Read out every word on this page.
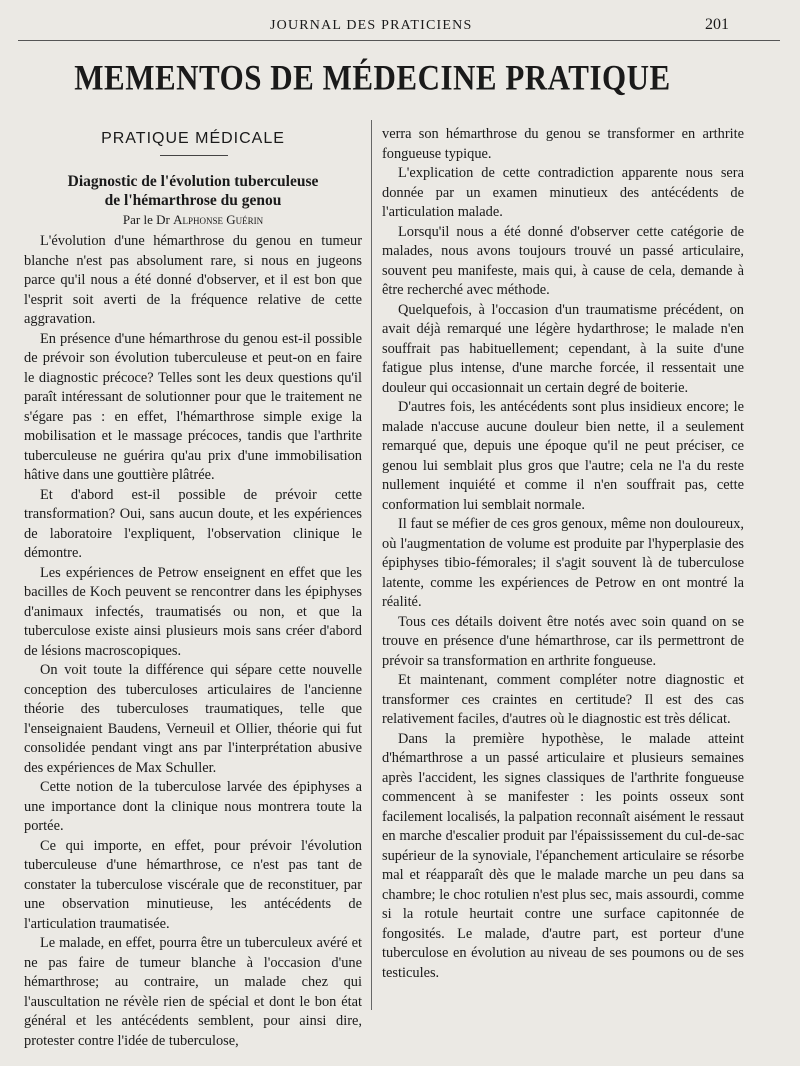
JOURNAL DES PRATICIENS	201
MEMENTOS DE MÉDECINE PRATIQUE
PRATIQUE MÉDICALE
Diagnostic de l'évolution tuberculeuse
de l'hémarthrose du genou
Par le Dr Alphonse Guérin

L'évolution d'une hémarthrose du genou en tumeur blanche n'est pas absolument rare, si nous en jugeons parce qu'il nous a été donné d'observer, et il est bon que l'esprit soit averti de la fréquence relative de cette aggravation.

En présence d'une hémarthrose du genou est-il possible de prévoir son évolution tuberculeuse et peut-on en faire le diagnostic précoce? Telles sont les deux questions qu'il paraît intéressant de solutionner pour que le traitement ne s'égare pas : en effet, l'hémarthrose simple exige la mobilisation et le massage précoces, tandis que l'arthrite tuberculeuse ne guérira qu'au prix d'une immobilisation hâtive dans une gouttière plâtrée.

Et d'abord est-il possible de prévoir cette transformation? Oui, sans aucun doute, et les expériences de laboratoire l'expliquent, l'observation clinique le démontre.

Les expériences de Petrow enseignent en effet que les bacilles de Koch peuvent se rencontrer dans les épiphyses d'animaux infectés, traumatisés ou non, et que la tuberculose existe ainsi plusieurs mois sans créer d'abord de lésions macroscopiques.

On voit toute la différence qui sépare cette nouvelle conception des tuberculoses articulaires de l'ancienne théorie des tuberculoses traumatiques, telle que l'enseignaient Baudens, Verneuil et Ollier, théorie qui fut consolidée pendant vingt ans par l'interprétation abusive des expériences de Max Schuller.

Cette notion de la tuberculose larvée des épiphyses a une importance dont la clinique nous montrera toute la portée.

Ce qui importe, en effet, pour prévoir l'évolution tuberculeuse d'une hémarthrose, ce n'est pas tant de constater la tuberculose viscérale que de reconstituer, par une observation minutieuse, les antécédents de l'articulation traumatisée.

Le malade, en effet, pourra être un tuberculeux avéré et ne pas faire de tumeur blanche à l'occasion d'une hémarthrose; au contraire, un malade chez qui l'auscultation ne révèle rien de spécial et dont le bon état général et les antécédents semblent, pour ainsi dire, protester contre l'idée de tuberculose,

verra son hémarthrose du genou se transformer en arthrite fongueuse typique.

L'explication de cette contradiction apparente nous sera donnée par un examen minutieux des antécédents de l'articulation malade.

Lorsqu'il nous a été donné d'observer cette catégorie de malades, nous avons toujours trouvé un passé articulaire, souvent peu manifeste, mais qui, à cause de cela, demande à être recherché avec méthode.

Quelquefois, à l'occasion d'un traumatisme précédent, on avait déjà remarqué une légère hydarthrose; le malade n'en souffrait pas habituellement; cependant, à la suite d'une fatigue plus intense, d'une marche forcée, il ressentait une douleur qui occasionnait un certain degré de boiterie.

D'autres fois, les antécédents sont plus insidieux encore; le malade n'accuse aucune douleur bien nette, il a seulement remarqué que, depuis une époque qu'il ne peut préciser, ce genou lui semblait plus gros que l'autre; cela ne l'a du reste nullement inquiété et comme il n'en souffrait pas, cette conformation lui semblait normale.

Il faut se méfier de ces gros genoux, même non douloureux, où l'augmentation de volume est produite par l'hyperplasie des épiphyses tibio-fémorales; il s'agit souvent là de tuberculose latente, comme les expériences de Petrow en ont montré la réalité.

Tous ces détails doivent être notés avec soin quand on se trouve en présence d'une hémarthrose, car ils permettront de prévoir sa transformation en arthrite fongueuse.

Et maintenant, comment compléter notre diagnostic et transformer ces craintes en certitude? Il est des cas relativement faciles, d'autres où le diagnostic est très délicat.

Dans la première hypothèse, le malade atteint d'hémarthrose a un passé articulaire et plusieurs semaines après l'accident, les signes classiques de l'arthrite fongueuse commencent à se manifester : les points osseux sont facilement localisés, la palpation reconnaît aisément le ressaut en marche d'escalier produit par l'épaississement du cul-de-sac supérieur de la synoviale, l'épanchement articulaire se résorbe mal et réapparaît dès que le malade marche un peu dans sa chambre; le choc rotulien n'est plus sec, mais assourdi, comme si la rotule heurtait contre une surface capitonnée de fongosités. Le malade, d'autre part, est porteur d'une tuberculose en évolution au niveau de ses poumons ou de ses testicules.
